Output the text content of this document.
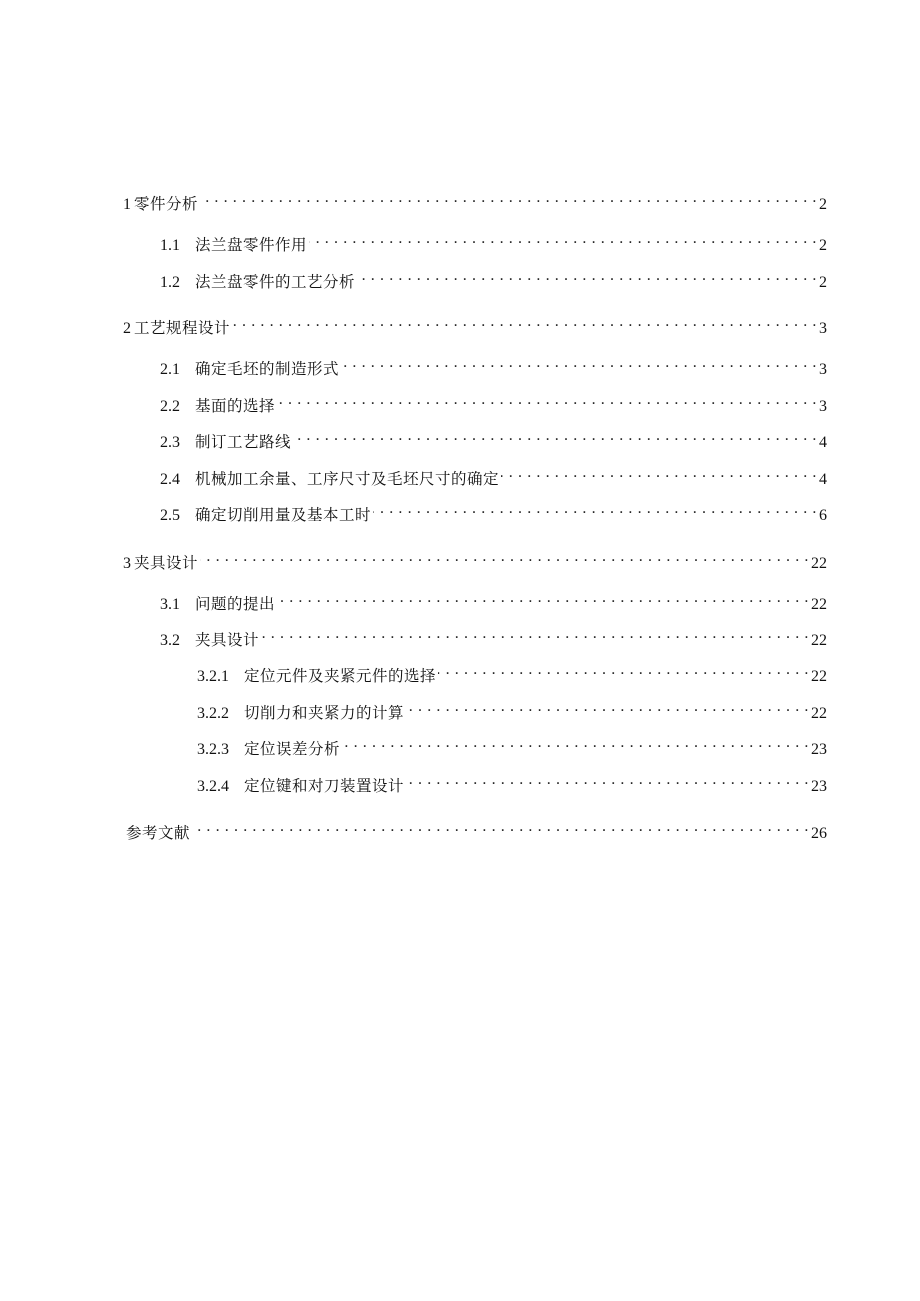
1 零件分析 . . .	2
1.1 法兰盘零件作用 . . .	2
1.2 法兰盘零件的工艺分析 . . .	2
2 工艺规程设计 . . .	3
2.1 确定毛坯的制造形式 . . .	3
2.2 基面的选择 . . .	3
2.3 制订工艺路线 . . .	4
2.4 机械加工余量、工序尺寸及毛坯尺寸的确定 . . .	4
2.5 确定切削用量及基本工时 . . .	6
3 夹具设计 . . .	22
3.1 问题的提出 . . .	22
3.2 夹具设计 . . .	22
3.2.1 定位元件及夹紧元件的选择 . . .	22
3.2.2 切削力和夹紧力的计算 . . .	22
3.2.3 定位误差分析 . . .	23
3.2.4 定位键和对刀装置设计 . . .	23
参考文献 . . .	26
